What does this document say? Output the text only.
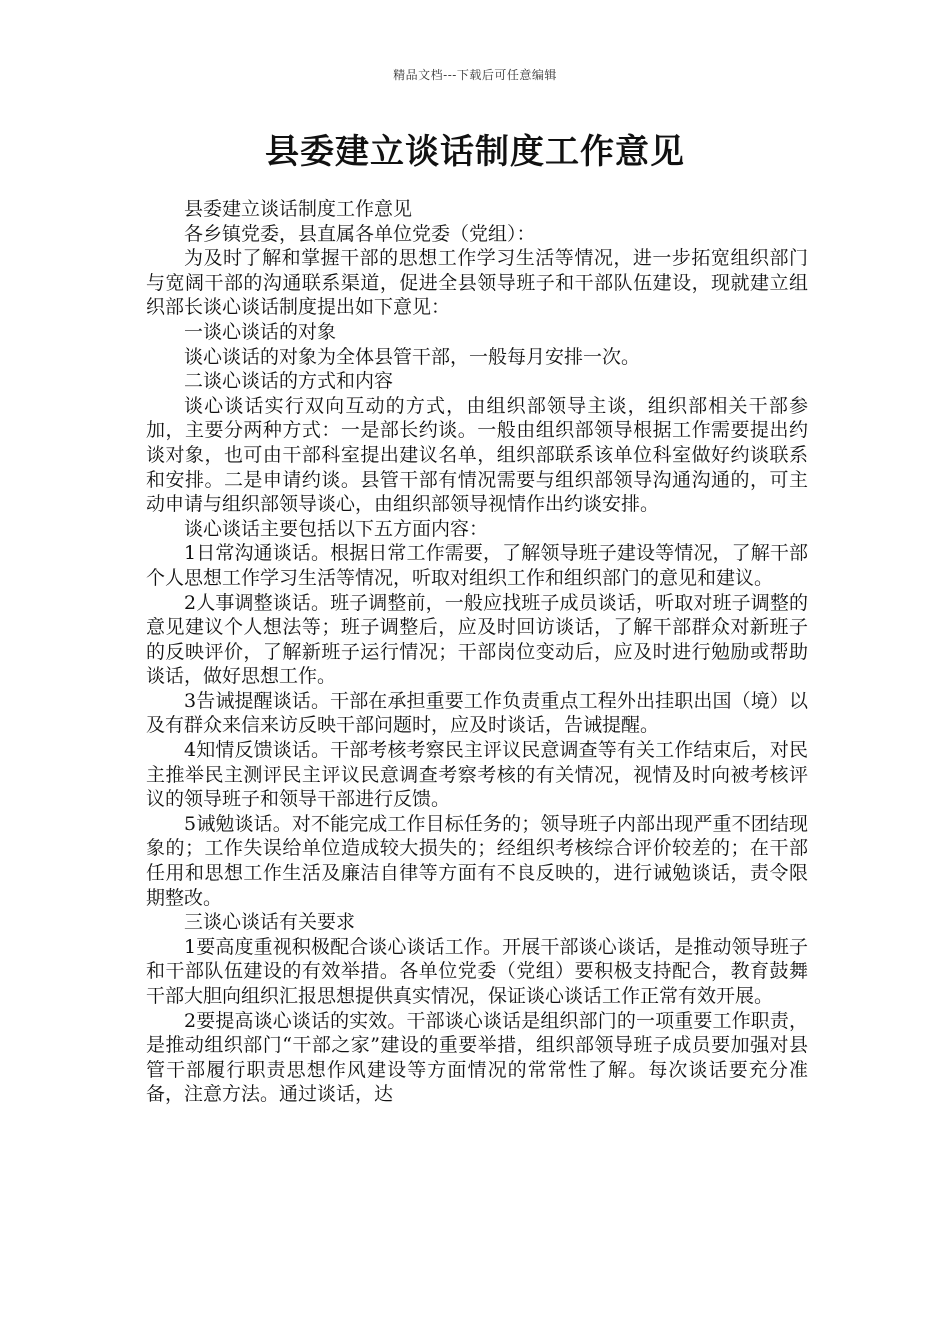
精品文档---下载后可任意编辑
县委建立谈话制度工作意见

县委建立谈话制度工作意见

各乡镇党委，县直属各单位党委（党组）：

为及时了解和掌握干部的思想工作学习生活等情况，进一步拓宽组织部门与宽阔干部的沟通联系渠道，促进全县领导班子和干部队伍建设，现就建立组织部长谈心谈话制度提出如下意见：

一谈心谈话的对象

谈心谈话的对象为全体县管干部，一般每月安排一次。

二谈心谈话的方式和内容

谈心谈话实行双向互动的方式，由组织部领导主谈，组织部相关干部参加，主要分两种方式：一是部长约谈。一般由组织部领导根据工作需要提出约谈对象，也可由干部科室提出建议名单，组织部联系该单位科室做好约谈联系和安排。二是申请约谈。县管干部有情况需要与组织部领导沟通沟通的，可主动申请与组织部领导谈心，由组织部领导视情作出约谈安排。

谈心谈话主要包括以下五方面内容：

1日常沟通谈话。根据日常工作需要，了解领导班子建设等情况，了解干部个人思想工作学习生活等情况，听取对组织工作和组织部门的意见和建议。

2人事调整谈话。班子调整前，一般应找班子成员谈话，听取对班子调整的意见建议个人想法等；班子调整后，应及时回访谈话，了解干部群众对新班子的反映评价，了解新班子运行情况；干部岗位变动后，应及时进行勉励或帮助谈话，做好思想工作。

3告诫提醒谈话。干部在承担重要工作负责重点工程外出挂职出国（境）以及有群众来信来访反映干部问题时，应及时谈话，告诫提醒。

4知情反馈谈话。干部考核考察民主评议民意调查等有关工作结束后，对民主推举民主测评民主评议民意调查考察考核的有关情况，视情及时向被考核评议的领导班子和领导干部进行反馈。

5诫勉谈话。对不能完成工作目标任务的；领导班子内部出现严重不团结现象的；工作失误给单位造成较大损失的；经组织考核综合评价较差的；在干部任用和思想工作生活及廉洁自律等方面有不良反映的，进行诫勉谈话，责令限期整改。

三谈心谈话有关要求

1要高度重视积极配合谈心谈话工作。开展干部谈心谈话，是推动领导班子和干部队伍建设的有效举措。各单位党委（党组）要积极支持配合，教育鼓舞干部大胆向组织汇报思想提供真实情况，保证谈心谈话工作正常有效开展。

2要提高谈心谈话的实效。干部谈心谈话是组织部门的一项重要工作职责，是推动组织部门“干部之家”建设的重要举措，组织部领导班子成员要加强对县管干部履行职责思想作风建设等方面情况的常常性了解。每次谈话要充分准备，注意方法。通过谈话，达
